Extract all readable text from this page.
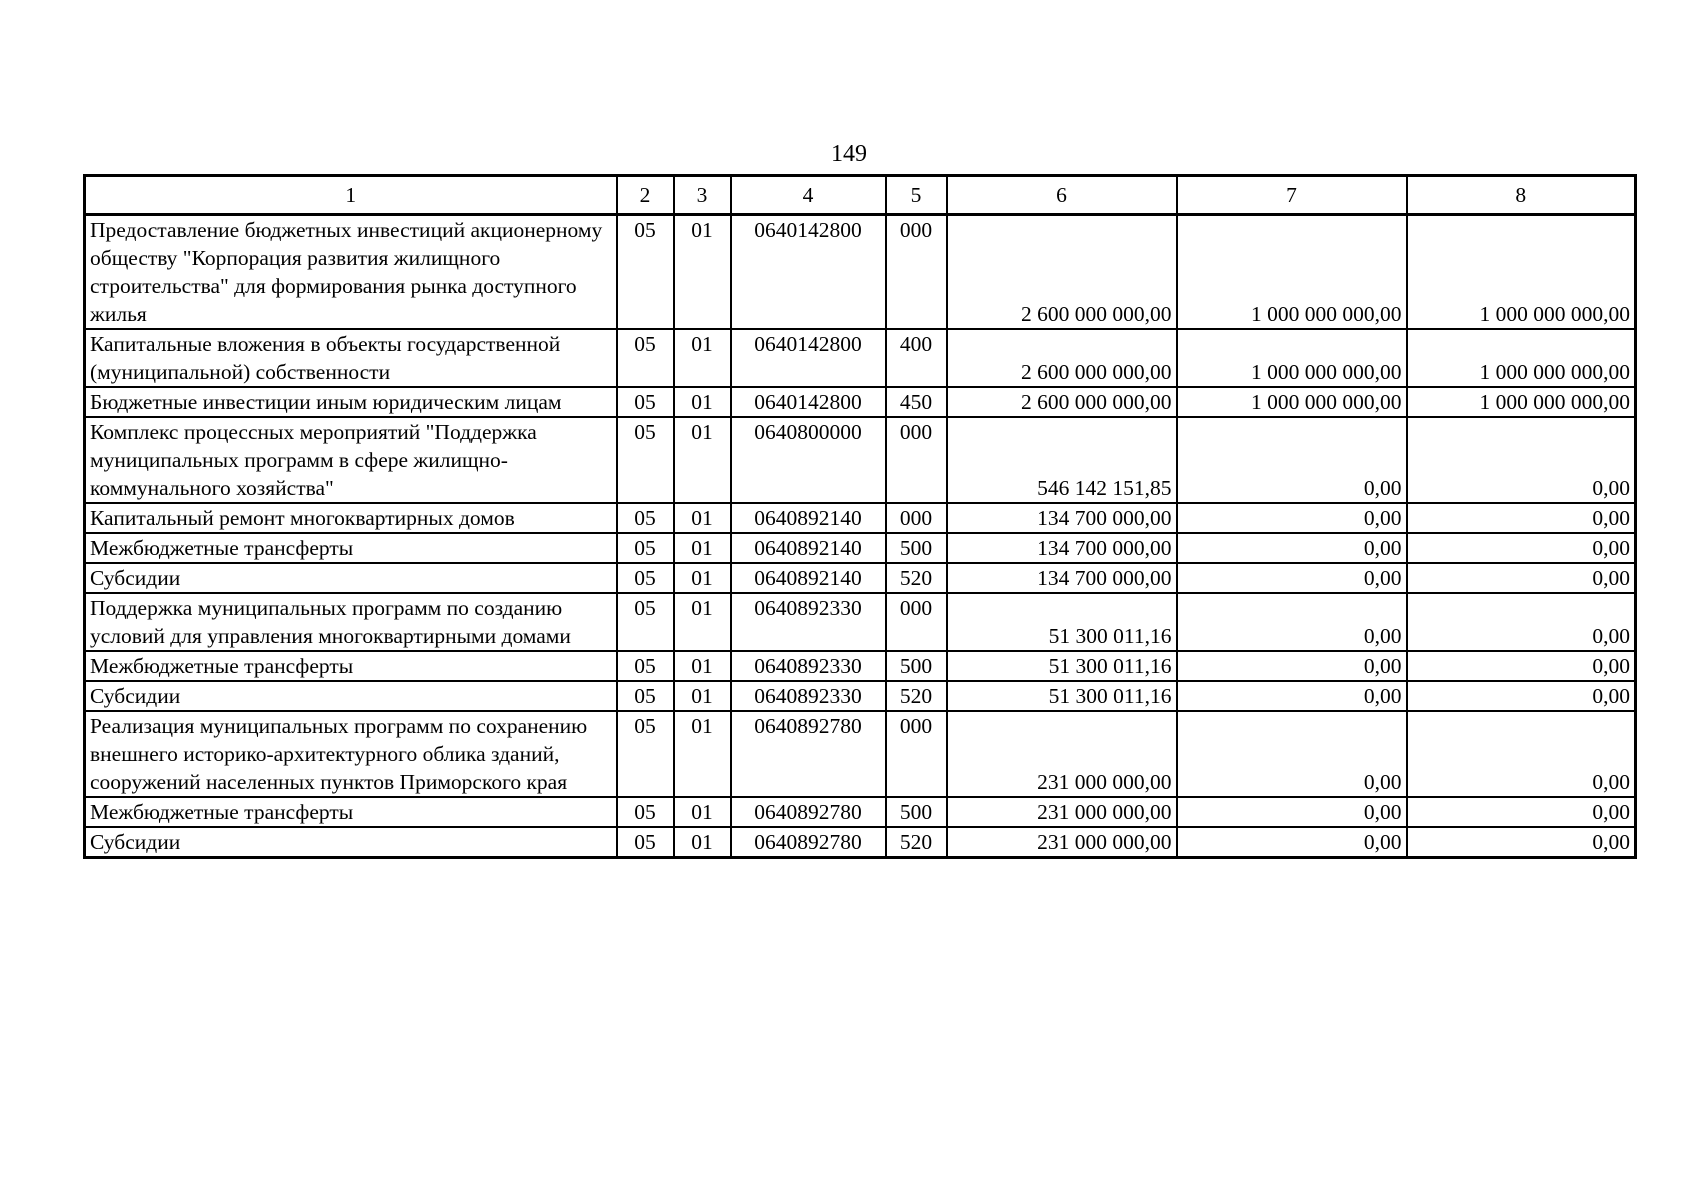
149
1	2	3	4	5	6	7	8
Предоставление бюджетных инвестиций акционерному обществу "Корпорация развития жилищного строительства" для формирования рынка доступного жилья	05	01	0640142800	000	2 600 000 000,00	1 000 000 000,00	1 000 000 000,00
Капитальные вложения в объекты государственной (муниципальной) собственности	05	01	0640142800	400	2 600 000 000,00	1 000 000 000,00	1 000 000 000,00
Бюджетные инвестиции иным юридическим лицам	05	01	0640142800	450	2 600 000 000,00	1 000 000 000,00	1 000 000 000,00
Комплекс процессных мероприятий "Поддержка муниципальных программ в сфере жилищно-коммунального хозяйства"	05	01	0640800000	000	546 142 151,85	0,00	0,00
Капитальный ремонт многоквартирных домов	05	01	0640892140	000	134 700 000,00	0,00	0,00
Межбюджетные трансферты	05	01	0640892140	500	134 700 000,00	0,00	0,00
Субсидии	05	01	0640892140	520	134 700 000,00	0,00	0,00
Поддержка муниципальных программ по созданию условий для управления многоквартирными домами	05	01	0640892330	000	51 300 011,16	0,00	0,00
Межбюджетные трансферты	05	01	0640892330	500	51 300 011,16	0,00	0,00
Субсидии	05	01	0640892330	520	51 300 011,16	0,00	0,00
Реализация муниципальных программ по сохранению внешнего историко-архитектурного облика зданий, сооружений населенных пунктов Приморского края	05	01	0640892780	000	231 000 000,00	0,00	0,00
Межбюджетные трансферты	05	01	0640892780	500	231 000 000,00	0,00	0,00
Субсидии	05	01	0640892780	520	231 000 000,00	0,00	0,00
